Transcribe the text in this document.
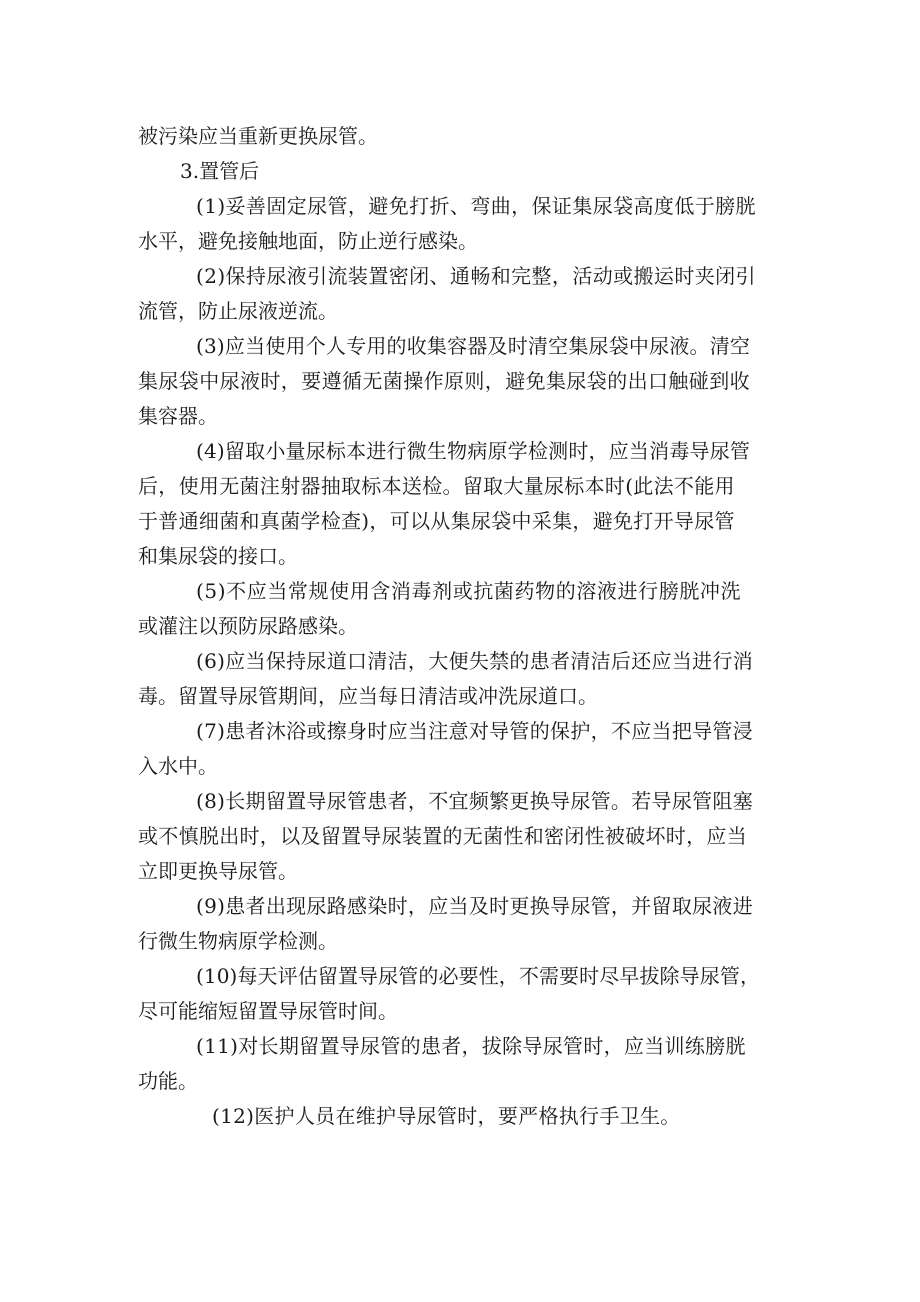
被污染应当重新更换尿管。
3.置管后
(1)妥善固定尿管，避免打折、弯曲，保证集尿袋高度低于膀胱
水平，避免接触地面，防止逆行感染。
(2)保持尿液引流装置密闭、通畅和完整，活动或搬运时夹闭引
流管，防止尿液逆流。
(3)应当使用个人专用的收集容器及时清空集尿袋中尿液。清空
集尿袋中尿液时，要遵循无菌操作原则，避免集尿袋的出口触碰到收
集容器。
(4)留取小量尿标本进行微生物病原学检测时，应当消毒导尿管
后，使用无菌注射器抽取标本送检。留取大量尿标本时(此法不能用
于普通细菌和真菌学检查)，可以从集尿袋中采集，避免打开导尿管
和集尿袋的接口。
(5)不应当常规使用含消毒剂或抗菌药物的溶液进行膀胱冲洗
或灌注以预防尿路感染。
(6)应当保持尿道口清洁，大便失禁的患者清洁后还应当进行消
毒。留置导尿管期间，应当每日清洁或冲洗尿道口。
(7)患者沐浴或擦身时应当注意对导管的保护，不应当把导管浸
入水中。
(8)长期留置导尿管患者，不宜频繁更换导尿管。若导尿管阻塞
或不慎脱出时，以及留置导尿装置的无菌性和密闭性被破坏时，应当
立即更换导尿管。
(9)患者出现尿路感染时，应当及时更换导尿管，并留取尿液进
行微生物病原学检测。
(10)每天评估留置导尿管的必要性，不需要时尽早拔除导尿管，
尽可能缩短留置导尿管时间。
(11)对长期留置导尿管的患者，拔除导尿管时，应当训练膀胱
功能。
(12)医护人员在维护导尿管时，要严格执行手卫生。
